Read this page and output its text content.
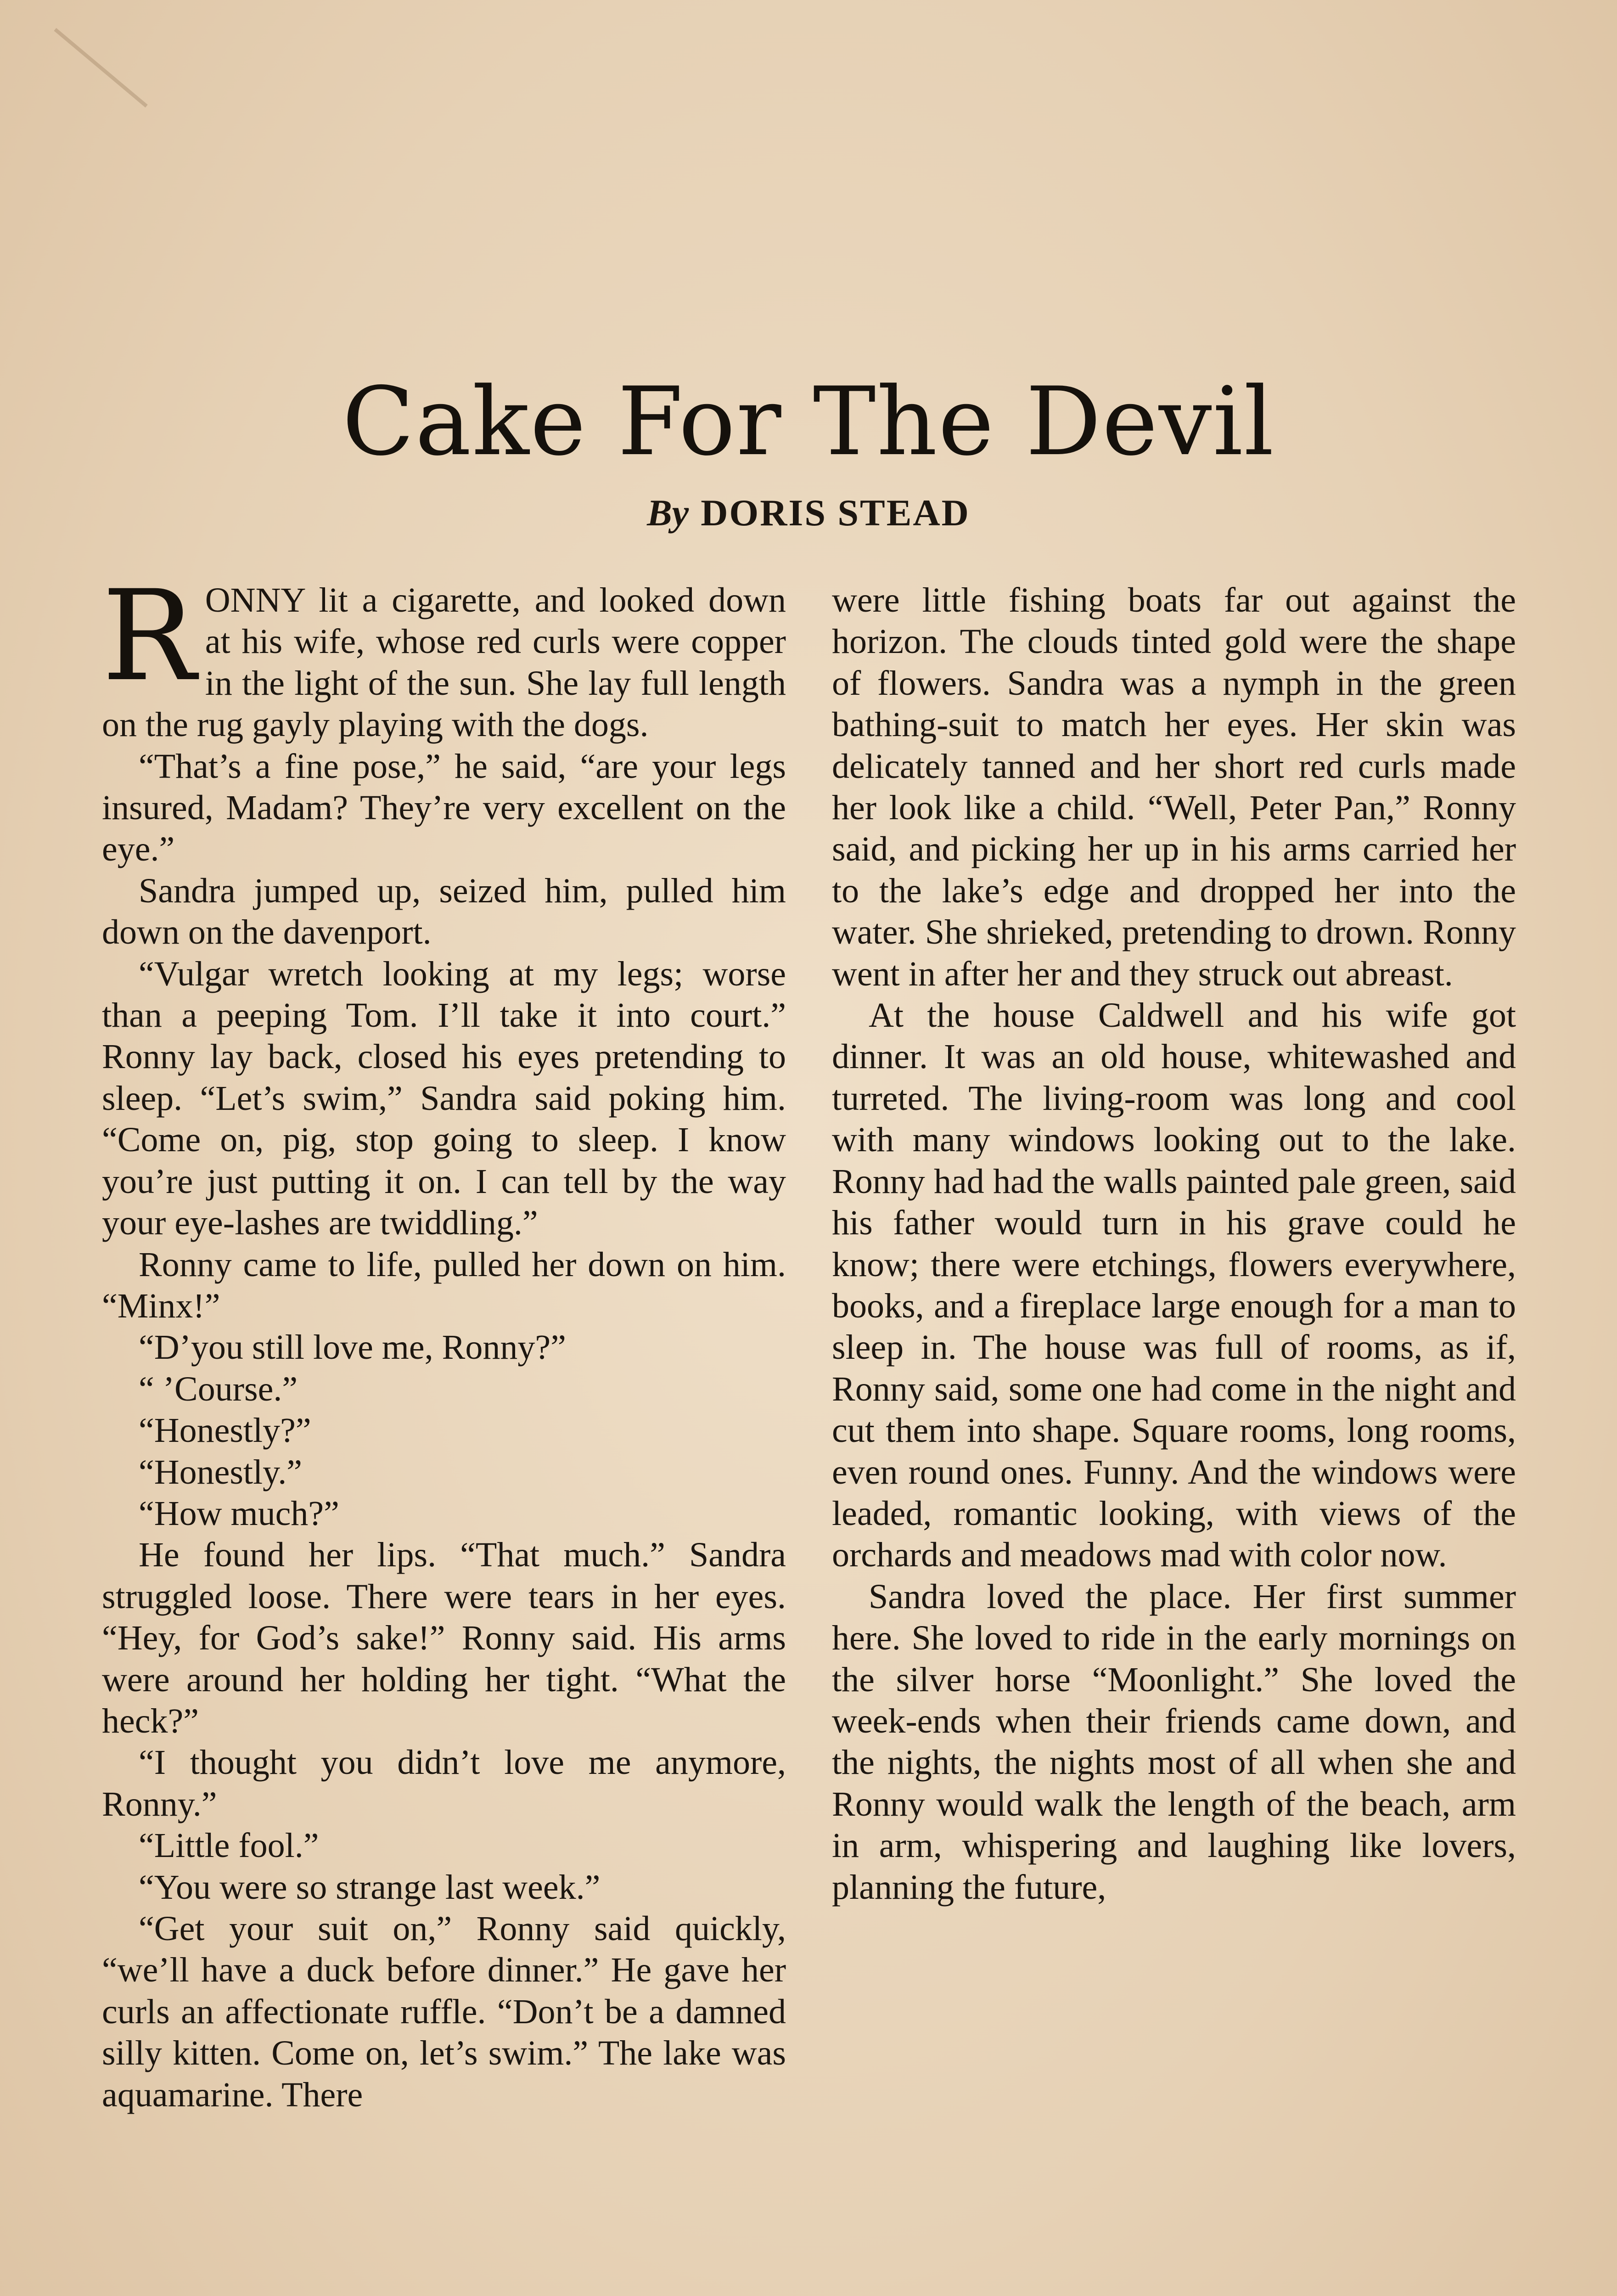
Cake For The Devil
By DORIS STEAD
R ONNY lit a cigarette, and looked down at his wife, whose red curls were copper in the light of the sun. She lay full length on the rug gayly playing with the dogs.

“That’s a fine pose,” he said, “are your legs insured, Madam? They’re very excellent on the eye.”

Sandra jumped up, seized him, pulled him down on the davenport.

“Vulgar wretch looking at my legs; worse than a peeping Tom. I’ll take it into court.” Ronny lay back, closed his eyes pretending to sleep. “Let’s swim,” Sandra said poking him. “Come on, pig, stop going to sleep. I know you’re just putting it on. I can tell by the way your eye-lashes are twiddling.”

Ronny came to life, pulled her down on him. “Minx!”

“D’you still love me, Ronny?”

“ ’Course.”

“Honestly?”

“Honestly.”

“How much?”

He found her lips. “That much.” Sandra struggled loose. There were tears in her eyes. “Hey, for God’s sake!” Ronny said. His arms were around her holding her tight. “What the heck?”

“I thought you didn’t love me anymore, Ronny.”

“Little fool.”

“You were so strange last week.”

“Get your suit on,” Ronny said quickly, “we’ll have a duck before dinner.” He gave her curls an affectionate ruffle. “Don’t be a damned silly kitten. Come on, let’s swim.” The lake was aquamarine. There

were little fishing boats far out against the horizon. The clouds tinted gold were the shape of flowers. Sandra was a nymph in the green bathing-suit to match her eyes. Her skin was delicately tanned and her short red curls made her look like a child. “Well, Peter Pan,” Ronny said, and picking her up in his arms carried her to the lake’s edge and dropped her into the water. She shrieked, pretending to drown. Ronny went in after her and they struck out abreast.

At the house Caldwell and his wife got dinner. It was an old house, whitewashed and turreted. The living-room was long and cool with many windows looking out to the lake. Ronny had had the walls painted pale green, said his father would turn in his grave could he know; there were etchings, flowers everywhere, books, and a fireplace large enough for a man to sleep in. The house was full of rooms, as if, Ronny said, some one had come in the night and cut them into shape. Square rooms, long rooms, even round ones. Funny. And the windows were leaded, romantic looking, with views of the orchards and meadows mad with color now.

Sandra loved the place. Her first summer here. She loved to ride in the early mornings on the silver horse “Moonlight.” She loved the week-ends when their friends came down, and the nights, the nights most of all when she and Ronny would walk the length of the beach, arm in arm, whispering and laughing like lovers, planning the future,
